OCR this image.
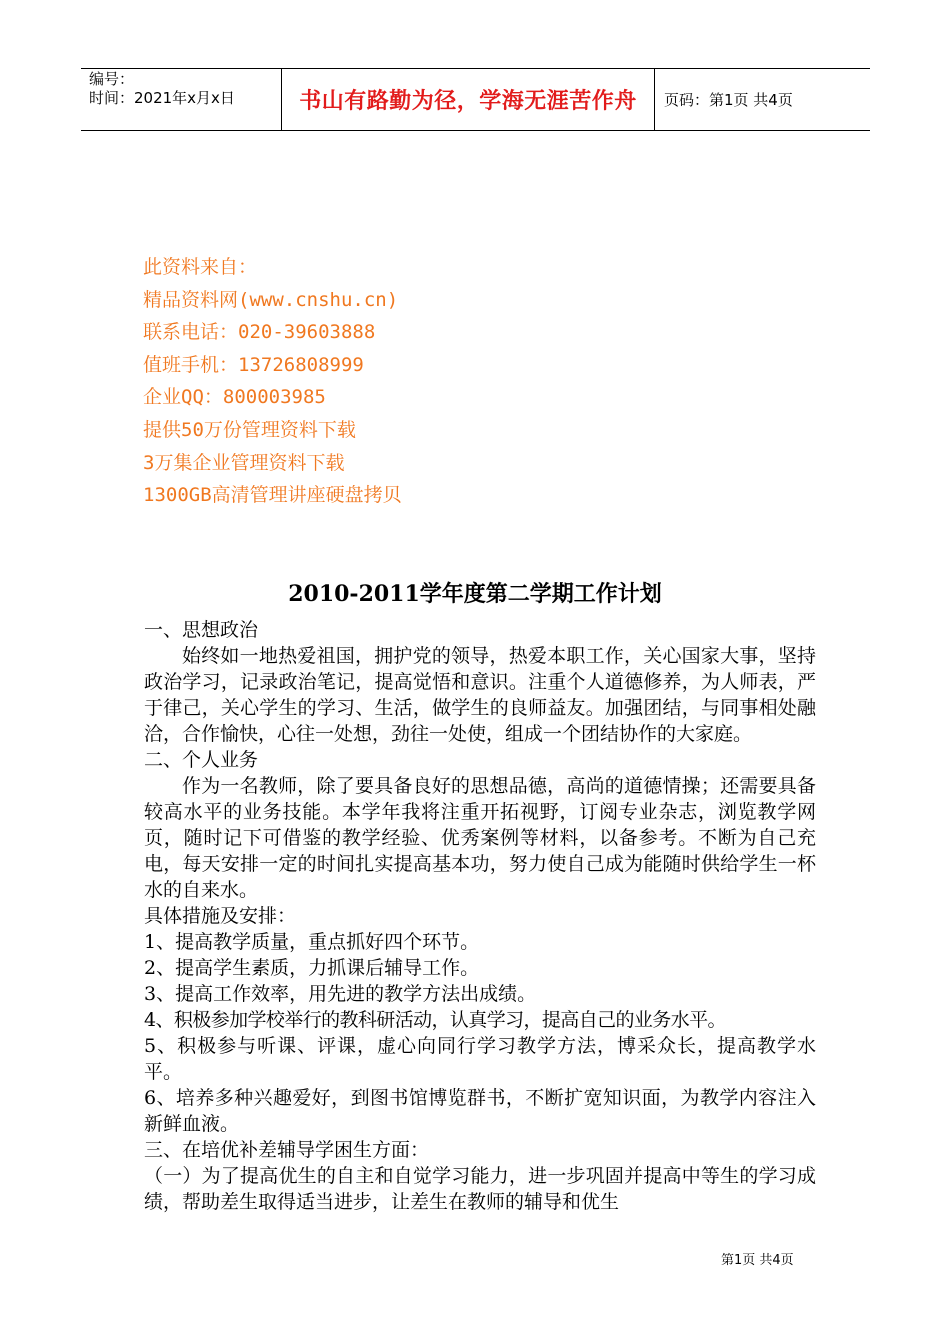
编号：
时间：2021年x月x日	书山有路勤为径，学海无涯苦作舟	页码：第1页 共4页
此资料来自：
精品资料网(www.cnshu.cn)
联系电话：020-39603888
值班手机：13726808999
企业QQ：800003985
提供50万份管理资料下载
3万集企业管理资料下载
1300GB高清管理讲座硬盘拷贝
2010-2011学年度第二学期工作计划

一、思想政治

始终如一地热爱祖国，拥护党的领导，热爱本职工作，关心国家大事，坚持政治学习，记录政治笔记，提高觉悟和意识。注重个人道德修养，为人师表，严于律己，关心学生的学习、生活，做学生的良师益友。加强团结，与同事相处融洽，合作愉快，心往一处想，劲往一处使，组成一个团结协作的大家庭。

二、个人业务

作为一名教师，除了要具备良好的思想品德，高尚的道德情操；还需要具备较高水平的业务技能。本学年我将注重开拓视野，订阅专业杂志，浏览教学网页，随时记下可借鉴的教学经验、优秀案例等材料，以备参考。不断为自己充电，每天安排一定的时间扎实提高基本功，努力使自己成为能随时供给学生一杯水的自来水。

具体措施及安排：

1、提高教学质量，重点抓好四个环节。

2、提高学生素质，力抓课后辅导工作。

3、提高工作效率，用先进的教学方法出成绩。

4、积极参加学校举行的教科研活动，认真学习，提高自己的业务水平。

5、积极参与听课、评课，虚心向同行学习教学方法，博采众长，提高教学水平。

6、培养多种兴趣爱好，到图书馆博览群书，不断扩宽知识面，为教学内容注入新鲜血液。

三、在培优补差辅导学困生方面：

（一）为了提高优生的自主和自觉学习能力，进一步巩固并提高中等生的学习成绩，帮助差生取得适当进步，让差生在教师的辅导和优生

第1页 共4页
